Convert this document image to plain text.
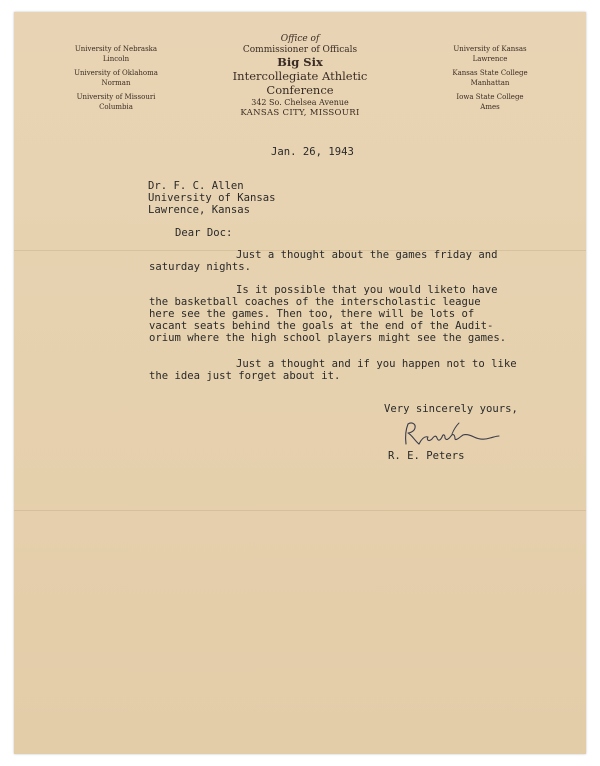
University of Nebraska
Lincoln
University of Oklahoma
Norman
University of Missouri
Columbia
Office of
Commissioner of Officals
Big Six
Intercollegiate Athletic Conference
342 So. Chelsea Avenue
KANSAS CITY, MISSOURI
University of Kansas
Lawrence
Kansas State College
Manhattan
Iowa State College
Ames
Jan. 26, 1943
Dr. F. C. Allen
University of Kansas
Lawrence, Kansas
Dear Doc:
Just a thought about the games friday and
saturday nights.
Is it possible that you would liketo have
the basketball coaches of the interscholastic league
here see the games. Then too, there will be lots of
vacant seats behind the goals at the end of the Audit-
orium where the high school players might see the games.
Just a thought and if you happen not to like
the idea just forget about it.
Very sincerely yours,
R. E. Peters
